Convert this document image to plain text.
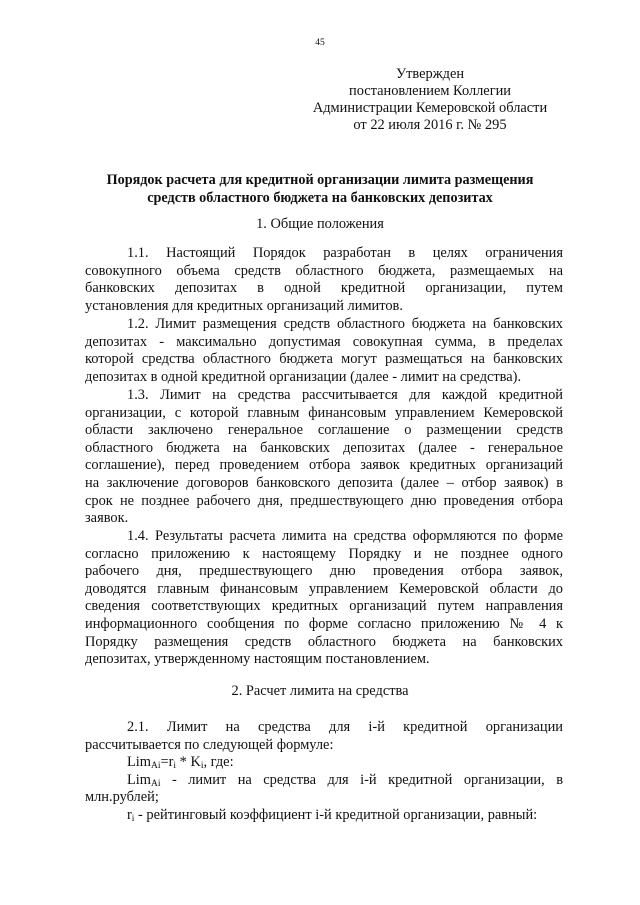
45
Утвержден
постановлением Коллегии
Администрации Кемеровской области
от 22 июля 2016 г. № 295
Порядок расчета для кредитной организации лимита размещения
средств областного бюджета на банковских депозитах
1. Общие положения
1.1. Настоящий Порядок разработан в целях ограничения
совокупного объема средств областного бюджета, размещаемых на
банковских депозитах в одной кредитной организации, путем
установления для кредитных организаций лимитов.
1.2. Лимит размещения средств областного бюджета на банковских
депозитах - максимально допустимая совокупная сумма, в пределах
которой средства областного бюджета могут размещаться на банковских
депозитах в одной кредитной организации (далее - лимит на средства).
1.3. Лимит на средства рассчитывается для каждой кредитной
организации, с которой главным финансовым управлением Кемеровской
области заключено генеральное соглашение о размещении средств
областного бюджета на банковских депозитах (далее - генеральное
соглашение), перед проведением отбора заявок кредитных организаций
на заключение договоров банковского депозита (далее – отбор заявок) в
срок не позднее рабочего дня, предшествующего дню проведения отбора
заявок.
1.4. Результаты расчета лимита на средства оформляются по форме
согласно приложению к настоящему Порядку и не позднее одного
рабочего дня, предшествующего дню проведения отбора заявок,
доводятся главным финансовым управлением Кемеровской области до
сведения соответствующих кредитных организаций путем направления
информационного сообщения по форме согласно приложению № 4 к
Порядку размещения средств областного бюджета на банковских
депозитах, утвержденному настоящим постановлением.
2. Расчет лимита на средства
2.1. Лимит на средства для i-й кредитной организации
рассчитывается по следующей формуле:
$Lim_{Ai}=r_i * K_i$, где:
Lim$_{Ai}$ - лимит на средства для i-й кредитной организации, в
млн.рублей;
$r_i$ - рейтинговый коэффициент i-й кредитной организации, равный:
